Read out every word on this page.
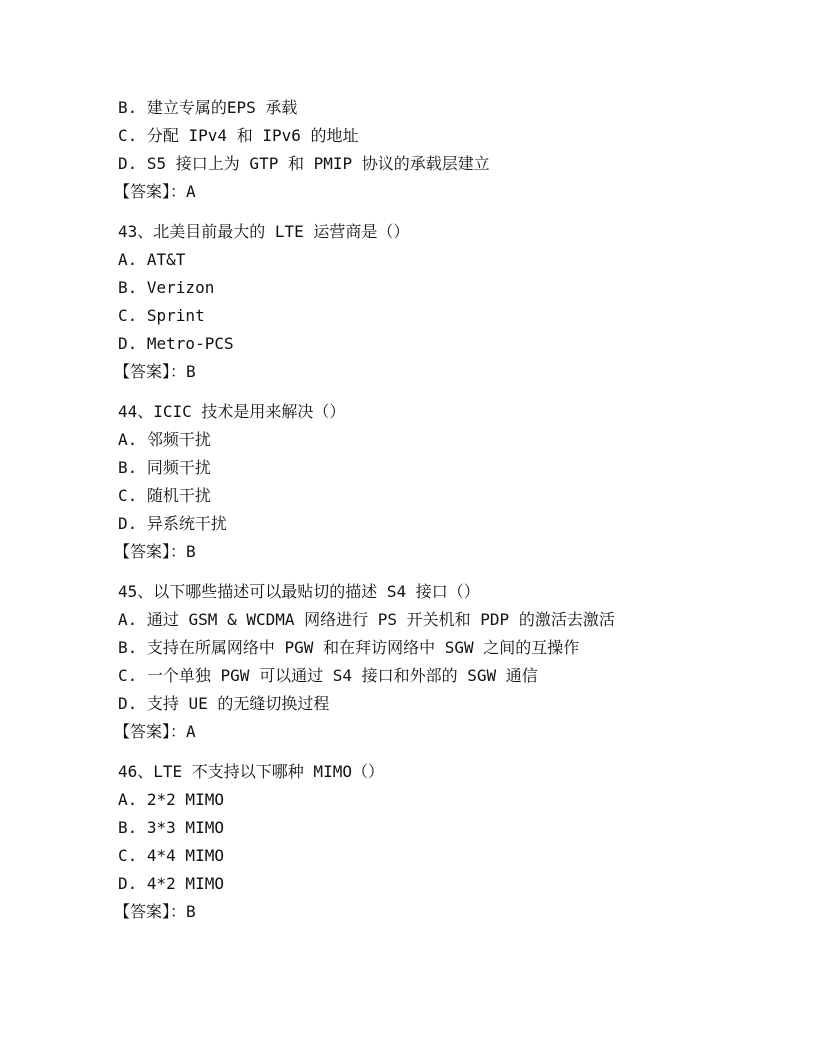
B. 建立专属的EPS 承载
C. 分配 IPv4 和 IPv6 的地址
D. S5 接口上为 GTP 和 PMIP 协议的承载层建立
【答案】：A
43、北美目前最大的 LTE 运营商是（）
A. AT&T
B. Verizon
C. Sprint
D. Metro-PCS
【答案】：B
44、ICIC 技术是用来解决（）
A. 邻频干扰
B. 同频干扰
C. 随机干扰
D. 异系统干扰
【答案】：B
45、以下哪些描述可以最贴切的描述 S4 接口（）
A. 通过 GSM & WCDMA 网络进行 PS 开关机和 PDP 的激活去激活
B. 支持在所属网络中 PGW 和在拜访网络中 SGW 之间的互操作
C. 一个单独 PGW 可以通过 S4 接口和外部的 SGW 通信
D. 支持 UE 的无缝切换过程
【答案】：A
46、LTE 不支持以下哪种 MIMO（）
A. 2*2 MIMO
B. 3*3 MIMO
C. 4*4 MIMO
D. 4*2 MIMO
【答案】：B
